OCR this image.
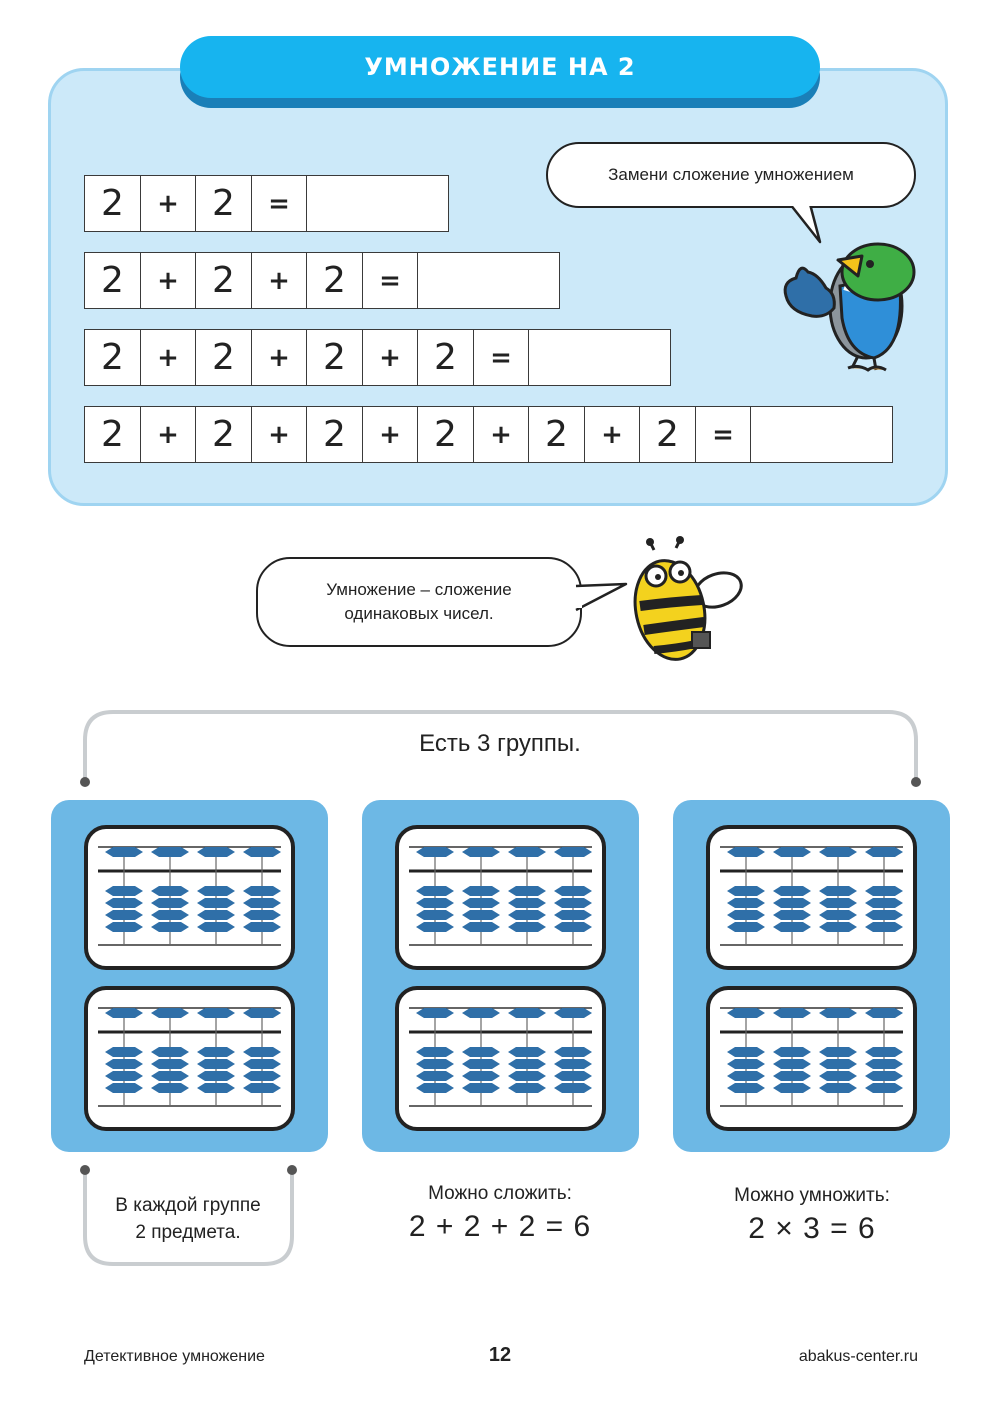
УМНОЖЕНИЕ НА 2
2	+ 2	=
2	+ 2	+ 2	=
2	+ 2	+ 2	+ 2	=
2	+ 2	+ 2	+ 2	+ 2	+ 2	=
Замени сложение умножением
Умножение – сложение
одинаковых чисел.
Есть 3 группы.
В каждой группе
2 предмета.
Можно сложить:
2 + 2 + 2 = 6
Можно умножить:
2 × 3 = 6
Детективное умножение	12	abakus-center.ru
